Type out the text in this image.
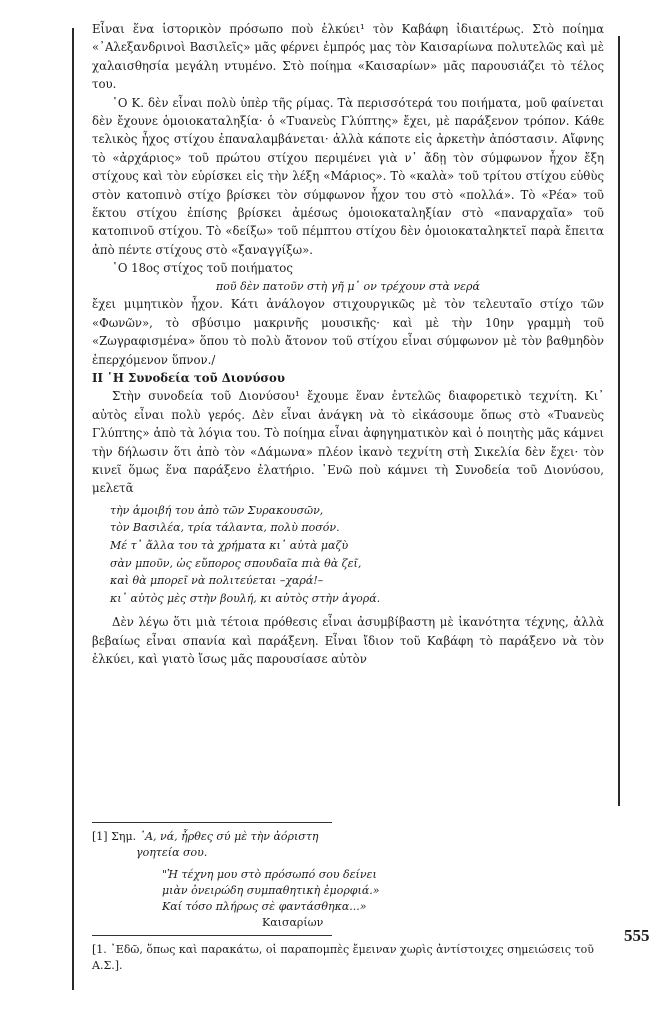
Εἶναι ἕνα ἱστορικὸν πρόσωπο ποὺ ἑλκύει¹ τὸν Καβάφη ἰδιαιτέρως. Στὸ ποίημα «᾽Αλεξανδρινοὶ Βασιλεῖς» μᾶς φέρνει ἐμπρός μας τὸν Καισαρίωνα πολυτελῶς καὶ μὲ χαλαισθησία μεγάλη ντυμένο. Στὸ ποίημα «Καισαρίων» μᾶς παρουσιάζει τὸ τέλος του.

῾Ο Κ. δὲν εἶναι πολὺ ὑπὲρ τῆς ρίμας. Τὰ περισσότερά του ποιήματα, μοῦ φαίνεται δὲν ἔχουνε ὁμοιοκαταληξία· ὁ «Τυανεὺς Γλύπτης» ἔχει, μὲ παράξενον τρόπον. Κάθε τελικὸς ἦχος στίχου ἐπαναλαμβάνεται· ἀλλὰ κάποτε εἰς ἀρκετὴν ἀπόστασιν. Αἴφνης τὸ «ἀρχάριος» τοῦ πρώτου στίχου περιμένει γιὰ ν᾽ ἄδῃ τὸν σύμφωνον ἦχον ἔξη στίχους καὶ τὸν εὑρίσκει εἰς τὴν λέξη «Μάριος». Τὸ «καλὰ» τοῦ τρίτου στίχου εὐθὺς στὸν κατοπινὸ στίχο βρίσκει τὸν σύμφωνον ἦχον του στὸ «πολλά». Τὸ «Ρέα» τοῦ ἕκτου στίχου ἐπίσης βρίσκει ἀμέσως ὁμοιοκαταληξίαν στὸ «παναρχαῖα» τοῦ κατοπινοῦ στίχου. Τὸ «δείξω» τοῦ πέμπτου στίχου δὲν ὁμοιοκαταληκτεῖ παρὰ ἔπειτα ἀπὸ πέντε στίχους στὸ «ξαναγγίξω».

῾Ο 18ος στίχος τοῦ ποιήματος

ποῦ δὲν πατοῦν στὴ γῆ μ᾽ ον τρέχουν στὰ νερά

ἔχει μιμητικὸν ἦχον. Κάτι ἀνάλογον στιχουργικῶς μὲ τὸν τελευταῖο στίχο τῶν «Φωνῶν», τὸ σβύσιμο μακρινῆς μουσικῆς· καὶ μὲ τὴν 10ην γραμμὴ τοῦ «Ζωγραφισμένα» ὅπου τὸ πολὺ ἄτονον τοῦ στίχου εἶναι σύμφωνον μὲ τὸν βαθμηδὸν ἐπερχόμενον ὕπνον./

ΙΙ ῾Η Συνοδεία τοῦ Διονύσου

Στὴν συνοδεία τοῦ Διονύσου¹ ἔχουμε ἕναν ἐντελῶς διαφορετικὸ τεχνίτη. Κι᾽ αὐτὸς εἶναι πολὺ γερός. Δὲν εἶναι ἀνάγκη νὰ τὸ εἰκάσουμε ὅπως στὸ «Τυανεὺς Γλύπτης» ἀπὸ τὰ λόγια του. Τὸ ποίημα εἶναι ἀφηγηματικὸν καὶ ὁ ποιητὴς μᾶς κάμνει τὴν δήλωσιν ὅτι ἀπὸ τὸν «Δάμωνα» πλέον ἱκανὸ τεχνίτη στὴ Σικελία δὲν ἔχει· τὸν κινεῖ ὅμως ἕνα παράξενο ἐλατήριο. ᾽Ενῶ ποὺ κάμνει τὴ Συνοδεία τοῦ Διονύσου, μελετᾶ

τὴν ἀμοιβή του ἀπὸ τῶν Συρακουσῶν,
τὸν Βασιλέα, τρία τάλαντα, πολὺ ποσόν.
Μέ τ᾽ ἄλλα του τὰ χρήματα κι᾽ αὐτὰ μαζὺ
σὰν μποῦν, ὡς εὔπορος σπουδαῖα πιὰ θὰ ζεῖ,
καὶ θὰ μπορεῖ νὰ πολιτεύεται –χαρά!–
κι᾽ αὐτὸς μὲς στὴν βουλή, κι αὐτὸς στὴν ἀγορά.

Δὲν λέγω ὅτι μιὰ τέτοια πρόθεσις εἶναι ἀσυμβίβαστη μὲ ἱκανότητα τέχνης, ἀλλὰ βεβαίως εἶναι σπανία καὶ παράξενη. Εἶναι ἴδιον τοῦ Καβάφη τὸ παράξενο νὰ τὸν ἑλκύει, καὶ γιατὸ ἴσως μᾶς παρουσίασε αὐτὸν

[1] Σημ. ᾽Α, νά, ἦρθες σύ μὲ τὴν ἀόριστη

γοητεία σου.

"Ἡ τέχνη μου στὸ πρόσωπό σου δείνει
μιὰν ὀνειρώδη συμπαθητικὴ ἐμορφιά.»
Καί τόσο πλήρως σὲ φαντάσθηκα...»

Καισαρίων

[1. ᾽Εδῶ, ὅπως καὶ παρακάτω, οἱ παραπομπὲς ἔμειναν χωρὶς ἀντίστοιχες σημειώσεις τοῦ Α.Σ.].

555
